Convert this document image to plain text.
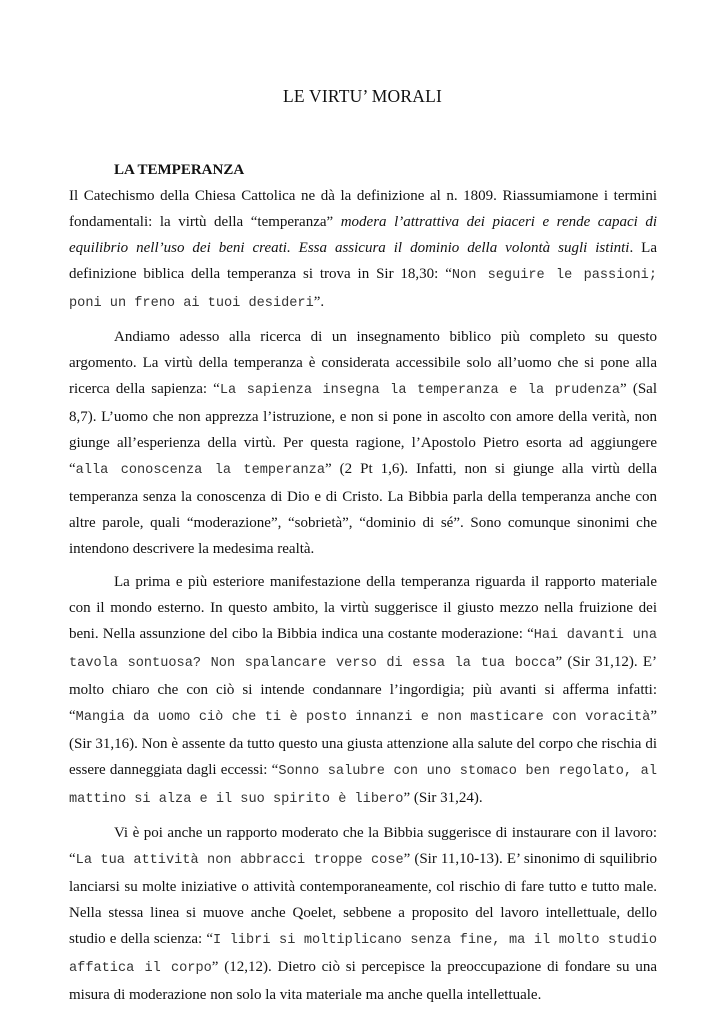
LE VIRTU’ MORALI

LA TEMPERANZA

Il Catechismo della Chiesa Cattolica ne dà la definizione al n. 1809. Riassumiamone i termini fondamentali: la virtù della “temperanza” modera l’attrattiva dei piaceri e rende capaci di equilibrio nell’uso dei beni creati. Essa assicura il dominio della volontà sugli istinti. La definizione biblica della temperanza si trova in Sir 18,30: “Non seguire le passioni; poni un freno ai tuoi desideri”.

Andiamo adesso alla ricerca di un insegnamento biblico più completo su questo argomento. La virtù della temperanza è considerata accessibile solo all’uomo che si pone alla ricerca della sapienza: “La sapienza insegna la temperanza e la prudenza” (Sal 8,7). L’uomo che non apprezza l’istruzione, e non si pone in ascolto con amore della verità, non giunge all’esperienza della virtù. Per questa ragione, l’Apostolo Pietro esorta ad aggiungere “alla conoscenza la temperanza” (2 Pt 1,6). Infatti, non si giunge alla virtù della temperanza senza la conoscenza di Dio e di Cristo. La Bibbia parla della temperanza anche con altre parole, quali “moderazione”, “sobrietà”, “dominio di sé”. Sono comunque sinonimi che intendono descrivere la medesima realtà.

La prima e più esteriore manifestazione della temperanza riguarda il rapporto materiale con il mondo esterno. In questo ambito, la virtù suggerisce il giusto mezzo nella fruizione dei beni. Nella assunzione del cibo la Bibbia indica una costante moderazione: “Hai davanti una tavola sontuosa? Non spalancare verso di essa la tua bocca” (Sir 31,12). E’ molto chiaro che con ciò si intende condannare l’ingordigia; più avanti si afferma infatti: “Mangia da uomo ciò che ti è posto innanzi e non masticare con voracità” (Sir 31,16). Non è assente da tutto questo una giusta attenzione alla salute del corpo che rischia di essere danneggiata dagli eccessi: “Sonno salubre con uno stomaco ben regolato, al mattino si alza e il suo spirito è libero” (Sir 31,24).

Vi è poi anche un rapporto moderato che la Bibbia suggerisce di instaurare con il lavoro: “La tua attività non abbracci troppe cose” (Sir 11,10-13). E’ sinonimo di squilibrio lanciarsi su molte iniziative o attività contemporaneamente, col rischio di fare tutto e tutto male. Nella stessa linea si muove anche Qoelet, sebbene a proposito del lavoro intellettuale, dello studio e della scienza: “I libri si moltiplicano senza fine, ma il molto studio affatica il corpo” (12,12). Dietro ciò si percepisce la preoccupazione di fondare su una misura di moderazione non solo la vita materiale ma anche quella intellettuale.
